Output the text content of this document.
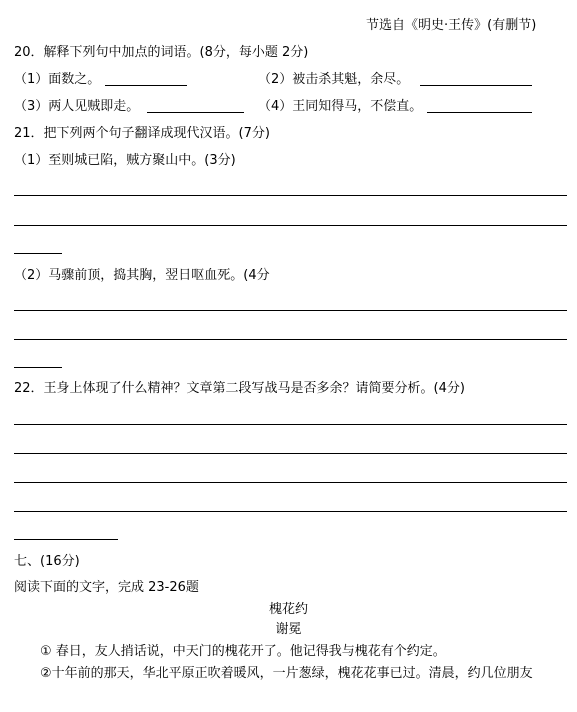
节选自《明史·王传》(有删节)
20．解释下列句中加点的词语。(8分，每小题 2分)
（1）面数之。	（2）被击杀其魁，余尽。
（3）两人见贼即走。	（4）王同知得马，不偿直。
21．把下列两个句子翻译成现代汉语。(7分)
（1）至则城已陷，贼方聚山中。(3分)
（2）马骤前顶，捣其胸，翌日呕血死。(4分
22．王身上体现了什么精神？文章第二段写战马是否多余？请简要分析。(4分)
七、(16分)
阅读下面的文字，完成 23-26题
槐花约
谢冕
① 春日，友人捎话说，中天门的槐花开了。他记得我与槐花有个约定。
②十年前的那天，华北平原正吹着暖风，一片葱绿，槐花花事已过。清晨，约几位朋友
